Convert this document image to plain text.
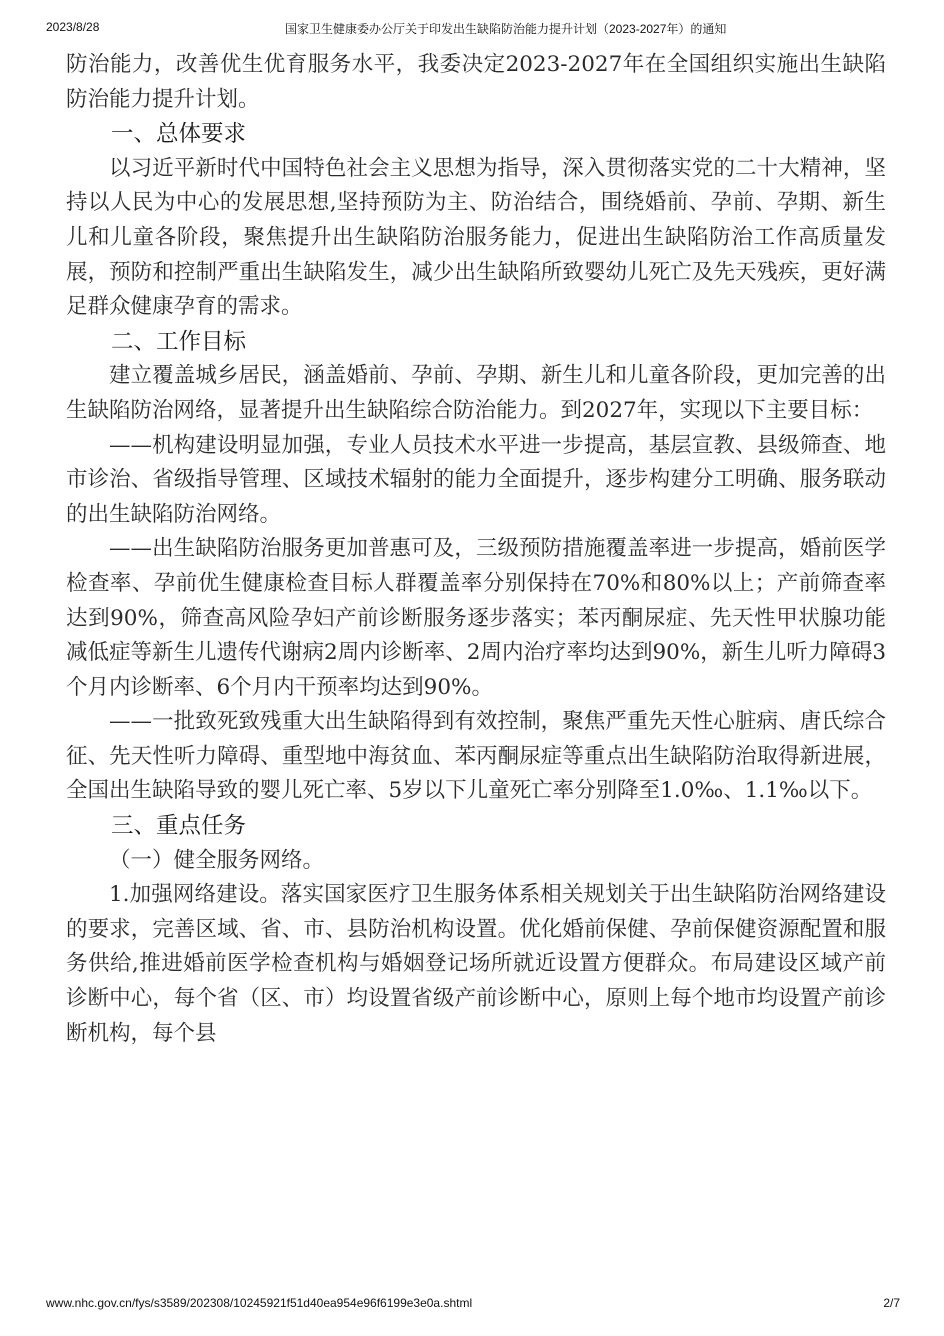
2023/8/28	国家卫生健康委办公厅关于印发出生缺陷防治能力提升计划（2023-2027年）的通知

防治能力，改善优生优育服务水平，我委决定2023-2027年在全国组织实施出生缺陷防治能力提升计划。

一、总体要求

以习近平新时代中国特色社会主义思想为指导，深入贯彻落实党的二十大精神，坚持以人民为中心的发展思想,坚持预防为主、防治结合，围绕婚前、孕前、孕期、新生儿和儿童各阶段，聚焦提升出生缺陷防治服务能力，促进出生缺陷防治工作高质量发展，预防和控制严重出生缺陷发生，减少出生缺陷所致婴幼儿死亡及先天残疾，更好满足群众健康孕育的需求。

二、工作目标

建立覆盖城乡居民，涵盖婚前、孕前、孕期、新生儿和儿童各阶段，更加完善的出生缺陷防治网络，显著提升出生缺陷综合防治能力。到2027年，实现以下主要目标：

——机构建设明显加强，专业人员技术水平进一步提高，基层宣教、县级筛查、地市诊治、省级指导管理、区域技术辐射的能力全面提升，逐步构建分工明确、服务联动的出生缺陷防治网络。

——出生缺陷防治服务更加普惠可及，三级预防措施覆盖率进一步提高，婚前医学检查率、孕前优生健康检查目标人群覆盖率分别保持在70%和80%以上；产前筛查率达到90%，筛查高风险孕妇产前诊断服务逐步落实；苯丙酮尿症、先天性甲状腺功能减低症等新生儿遗传代谢病2周内诊断率、2周内治疗率均达到90%，新生儿听力障碍3个月内诊断率、6个月内干预率均达到90%。

——一批致死致残重大出生缺陷得到有效控制，聚焦严重先天性心脏病、唐氏综合征、先天性听力障碍、重型地中海贫血、苯丙酮尿症等重点出生缺陷防治取得新进展，全国出生缺陷导致的婴儿死亡率、5岁以下儿童死亡率分别降至1.0‰、1.1‰以下。

三、重点任务
（一）健全服务网络。

1.加强网络建设。落实国家医疗卫生服务体系相关规划关于出生缺陷防治网络建设的要求，完善区域、省、市、县防治机构设置。优化婚前保健、孕前保健资源配置和服务供给,推进婚前医学检查机构与婚姻登记场所就近设置方便群众。布局建设区域产前诊断中心，每个省（区、市）均设置省级产前诊断中心，原则上每个地市均设置产前诊断机构，每个县

www.nhc.gov.cn/fys/s3589/202308/10245921f51d40ea954e96f6199e3e0a.shtml	2/7
